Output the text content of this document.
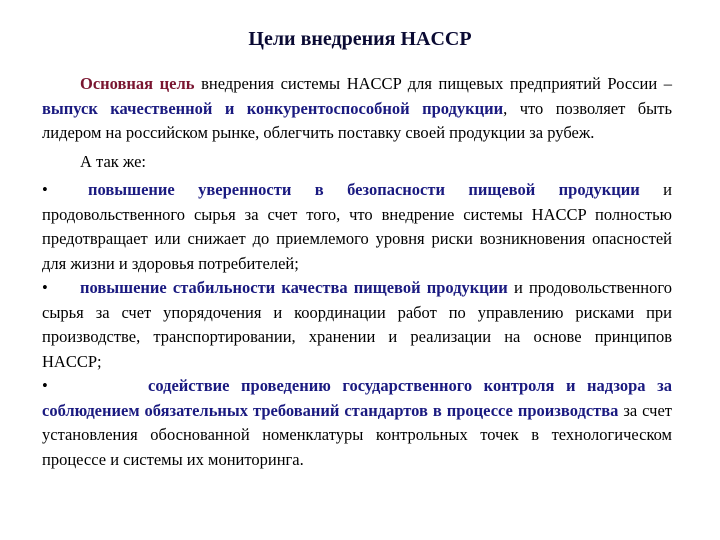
Цели внедрения HACCP

Основная цель внедрения системы HACCP для пищевых предприятий России – выпуск качественной и конкурентоспособной продукции, что позволяет быть лидером на российском рынке, облегчить поставку своей продукции за рубеж.

А так же:

• повышение уверенности в безопасности пищевой продукции и продовольственного сырья за счет того, что внедрение системы HACCP полностью предотвращает или снижает до приемлемого уровня риски возникновения опасностей для жизни и здоровья потребителей;

• повышение стабильности качества пищевой продукции и продовольственного сырья за счет упорядочения и координации работ по управлению рисками при производстве, транспортировании, хранении и реализации на основе принципов HACCP;

•	содействие проведению государственного контроля и надзора за соблюдением обязательных требований стандартов в процессе производства за счет установления обоснованной номенклатуры контрольных точек в технологическом процессе и системы их мониторинга.
